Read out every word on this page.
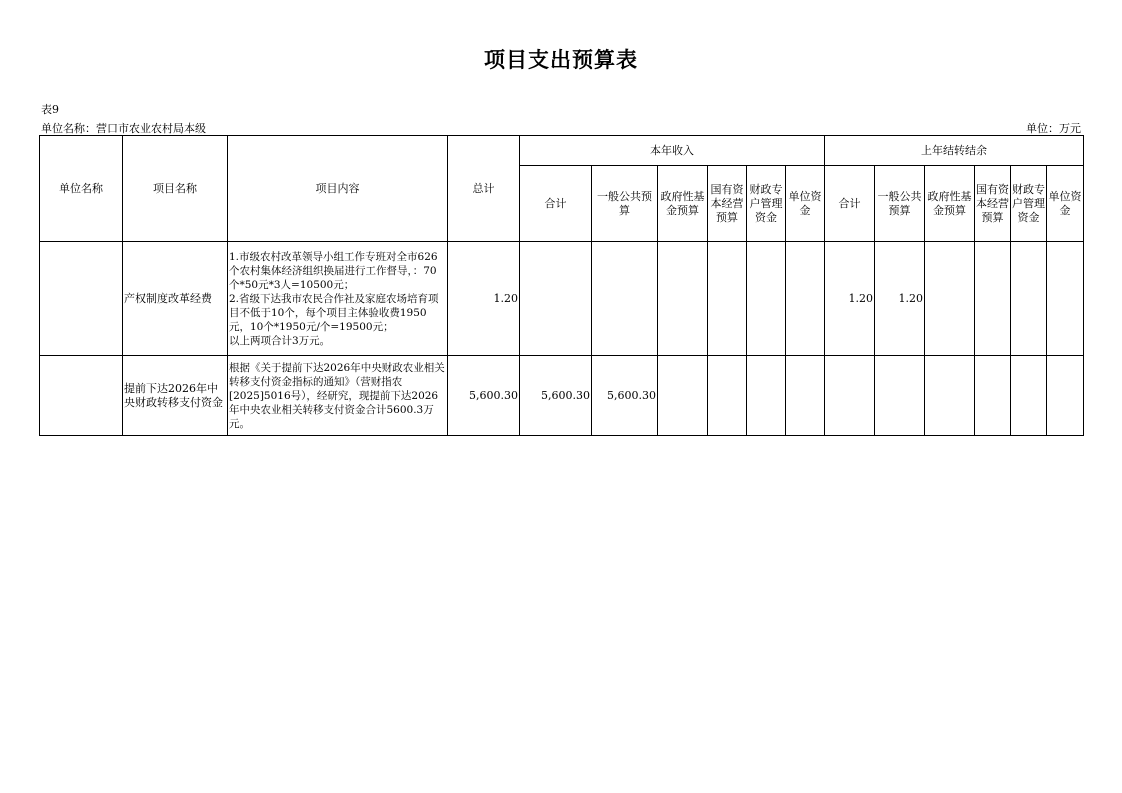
项目支出预算表
表9
单位名称：营口市农业农村局本级	单位：万元
单位名称	项目名称	项目内容	总计	本年收入						上年结转结余					
				合计	一般公共预算	政府性基金预算	国有资本经营预算	财政专户管理资金	单位资金	合计	一般公共预算	政府性基金预算	国有资本经营预算	财政专户管理资金	单位资金
	产权制度改革经费	1.市级农村改革领导小组工作专班对全市626个农村集体经济组织换届进行工作督导，：70个*50元*3人=10500元；
2.省级下达我市农民合作社及家庭农场培育项目不低于10个，每个项目主体验收费1950元，10个*1950元/个=19500元；
以上两项合计3万元。	1.20							1.20	1.20				
	提前下达2026年中央财政转移支付资金	根据《关于提前下达2026年中央财政农业相关转移支付资金指标的通知》（营财指农[2025]5016号），经研究，现提前下达2026年中央农业相关转移支付资金合计5600.3万元。	5,600.30	5,600.30	5,600.30										
